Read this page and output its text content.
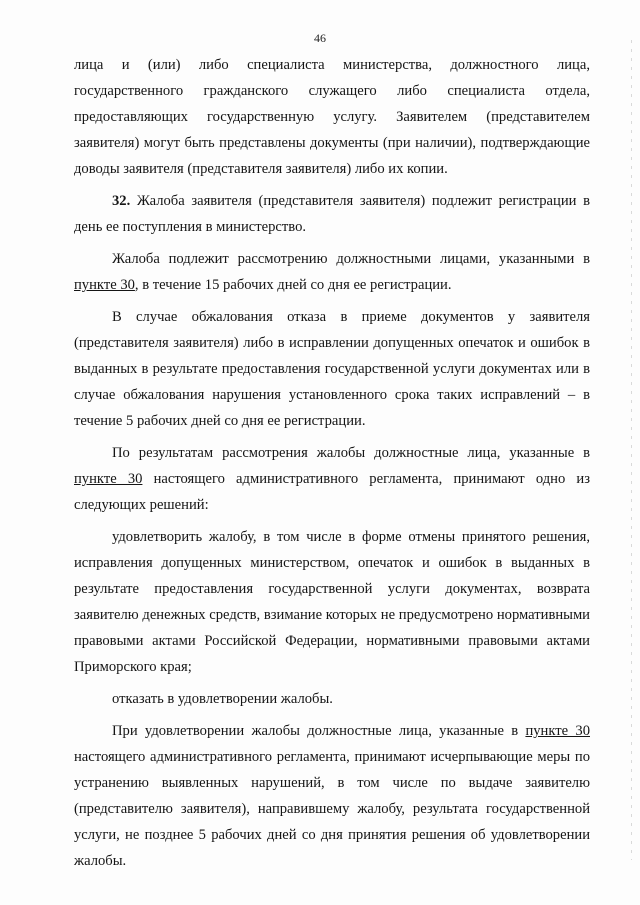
46

лица и (или) либо специалиста министерства, должностного лица, государственного гражданского служащего либо специалиста отдела, предоставляющих государственную услугу. Заявителем (представителем заявителя) могут быть представлены документы (при наличии), подтверждающие доводы заявителя (представителя заявителя) либо их копии.

32. Жалоба заявителя (представителя заявителя) подлежит регистрации в день ее поступления в министерство.

Жалоба подлежит рассмотрению должностными лицами, указанными в пункте 30, в течение 15 рабочих дней со дня ее регистрации.

В случае обжалования отказа в приеме документов у заявителя (представителя заявителя) либо в исправлении допущенных опечаток и ошибок в выданных в результате предоставления государственной услуги документах или в случае обжалования нарушения установленного срока таких исправлений – в течение 5 рабочих дней со дня ее регистрации.

По результатам рассмотрения жалобы должностные лица, указанные в пункте 30 настоящего административного регламента, принимают одно из следующих решений:

удовлетворить жалобу, в том числе в форме отмены принятого решения, исправления допущенных министерством, опечаток и ошибок в выданных в результате предоставления государственной услуги документах, возврата заявителю денежных средств, взимание которых не предусмотрено нормативными правовыми актами Российской Федерации, нормативными правовыми актами Приморского края;

отказать в удовлетворении жалобы.

При удовлетворении жалобы должностные лица, указанные в пункте 30 настоящего административного регламента, принимают исчерпывающие меры по устранению выявленных нарушений, в том числе по выдаче заявителю (представителю заявителя), направившему жалобу, результата государственной услуги, не позднее 5 рабочих дней со дня принятия решения об удовлетворении жалобы.
